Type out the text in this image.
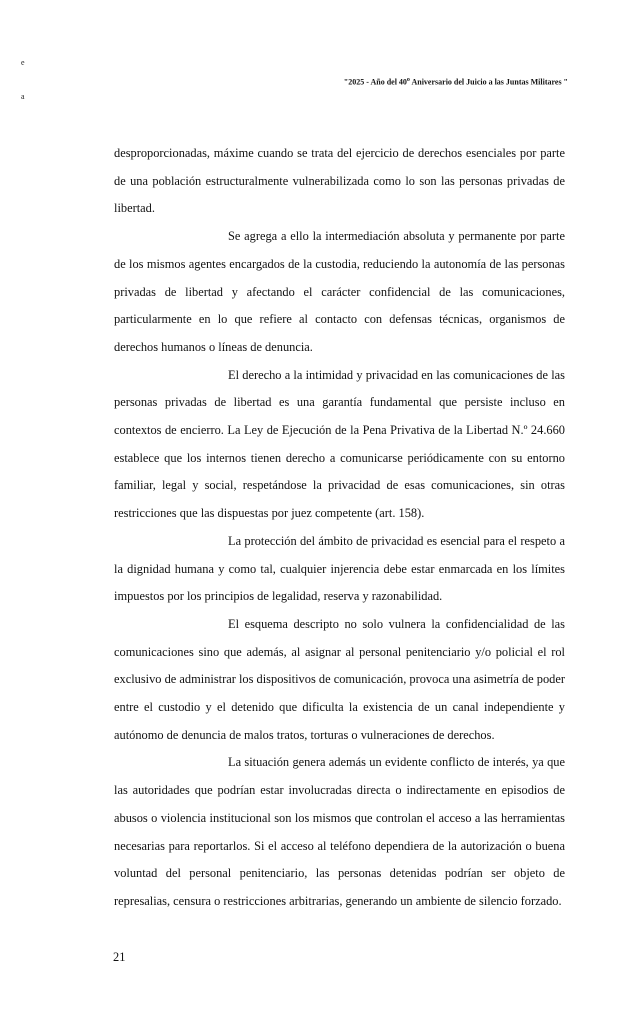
e
a
"2025 - Año del 40$^o$ Aniversario del Juicio a las Juntas Militares "

desproporcionadas, máxime cuando se trata del ejercicio de derechos esenciales por parte de una población estructuralmente vulnerabilizada como lo son las personas privadas de libertad.

Se agrega a ello la intermediación absoluta y permanente por parte de los mismos agentes encargados de la custodia, reduciendo la autonomía de las personas privadas de libertad y afectando el carácter confidencial de las comunicaciones, particularmente en lo que refiere al contacto con defensas técnicas, organismos de derechos humanos o líneas de denuncia.

El derecho a la intimidad y privacidad en las comunicaciones de las personas privadas de libertad es una garantía fundamental que persiste incluso en contextos de encierro. La Ley de Ejecución de la Pena Privativa de la Libertad N.º 24.660 establece que los internos tienen derecho a comunicarse periódicamente con su entorno familiar, legal y social, respetándose la privacidad de esas comunicaciones, sin otras restricciones que las dispuestas por juez competente (art. 158).

La protección del ámbito de privacidad es esencial para el respeto a la dignidad humana y como tal, cualquier injerencia debe estar enmarcada en los límites impuestos por los principios de legalidad, reserva y razonabilidad.

El esquema descripto no solo vulnera la confidencialidad de las comunicaciones sino que además, al asignar al personal penitenciario y/o policial el rol exclusivo de administrar los dispositivos de comunicación, provoca una asimetría de poder entre el custodio y el detenido que dificulta la existencia de un canal independiente y autónomo de denuncia de malos tratos, torturas o vulneraciones de derechos.

La situación genera además un evidente conflicto de interés, ya que las autoridades que podrían estar involucradas directa o indirectamente en episodios de abusos o violencia institucional son los mismos que controlan el acceso a las herramientas necesarias para reportarlos. Si el acceso al teléfono dependiera de la autorización o buena voluntad del personal penitenciario, las personas detenidas podrían ser objeto de represalias, censura o restricciones arbitrarias, generando un ambiente de silencio forzado.

21
